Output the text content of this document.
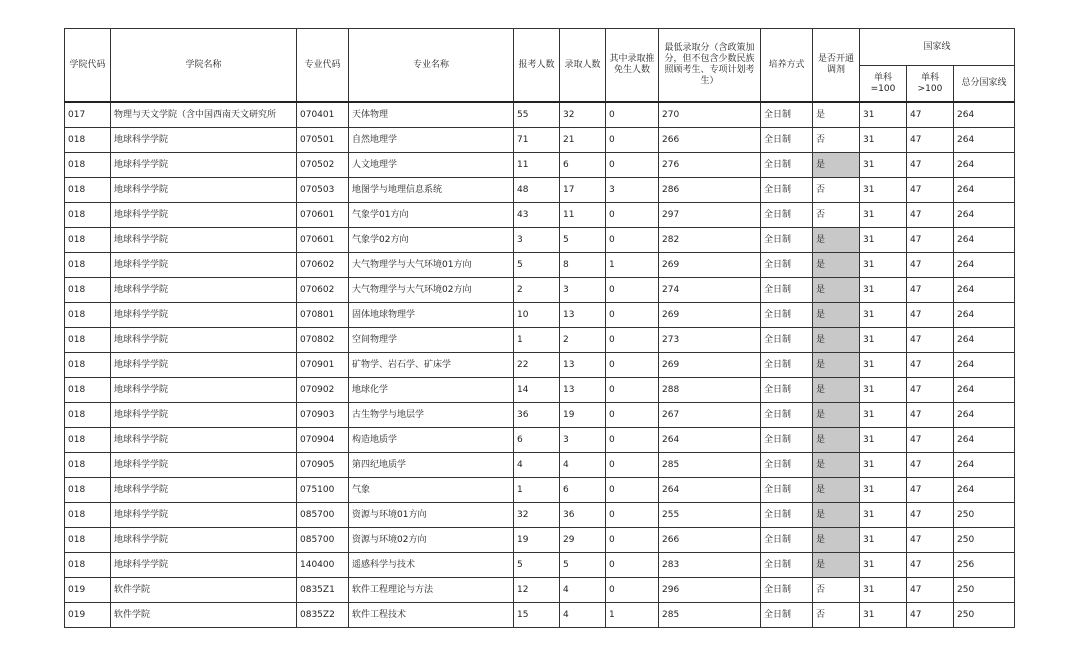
学院代码	学院名称	专业代码	专业名称	报考人数	录取人数	其中录取推免生人数	最低录取分（含政策加分，但不包含少数民族照顾考生、专项计划考生）	培养方式	是否开通调剂	国家线		
										单科=100	单科>100	总分国家线
017	物理与天文学院（含中国西南天文研究所	070401	天体物理	55	32	0	270	全日制	是	31	47	264
018	地球科学学院	070501	自然地理学	71	21	0	266	全日制	否	31	47	264
018	地球科学学院	070502	人文地理学	11	6	0	276	全日制	是	31	47	264
018	地球科学学院	070503	地图学与地理信息系统	48	17	3	286	全日制	否	31	47	264
018	地球科学学院	070601	气象学01方向	43	11	0	297	全日制	否	31	47	264
018	地球科学学院	070601	气象学02方向	3	5	0	282	全日制	是	31	47	264
018	地球科学学院	070602	大气物理学与大气环境01方向	5	8	1	269	全日制	是	31	47	264
018	地球科学学院	070602	大气物理学与大气环境02方向	2	3	0	274	全日制	是	31	47	264
018	地球科学学院	070801	固体地球物理学	10	13	0	269	全日制	是	31	47	264
018	地球科学学院	070802	空间物理学	1	2	0	273	全日制	是	31	47	264
018	地球科学学院	070901	矿物学、岩石学、矿床学	22	13	0	269	全日制	是	31	47	264
018	地球科学学院	070902	地球化学	14	13	0	288	全日制	是	31	47	264
018	地球科学学院	070903	古生物学与地层学	36	19	0	267	全日制	是	31	47	264
018	地球科学学院	070904	构造地质学	6	3	0	264	全日制	是	31	47	264
018	地球科学学院	070905	第四纪地质学	4	4	0	285	全日制	是	31	47	264
018	地球科学学院	075100	气象	1	6	0	264	全日制	是	31	47	264
018	地球科学学院	085700	资源与环境01方向	32	36	0	255	全日制	是	31	47	250
018	地球科学学院	085700	资源与环境02方向	19	29	0	266	全日制	是	31	47	250
018	地球科学学院	140400	遥感科学与技术	5	5	0	283	全日制	是	31	47	256
019	软件学院	0835Z1	软件工程理论与方法	12	4	0	296	全日制	否	31	47	250
019	软件学院	0835Z2	软件工程技术	15	4	1	285	全日制	否	31	47	250
